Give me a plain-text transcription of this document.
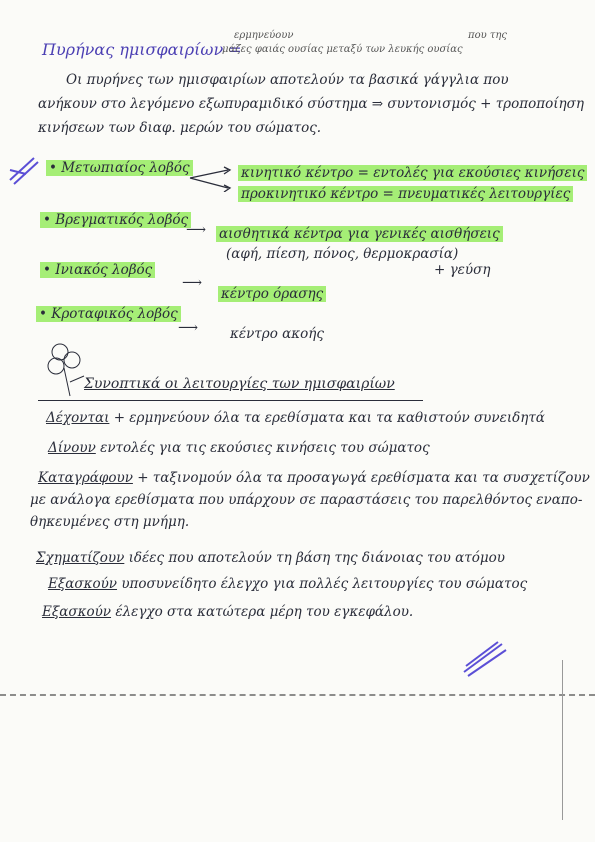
Πυρήνας ημισφαιρίων =
ερμηνεύουν
μάζες φαιάς ουσίας μεταξύ των λευκής ουσίας
που της
Οι πυρήνες των ημισφαιρίων αποτελούν τα βασικά γάγγλια που
ανήκουν στο λεγόμενο εξωπυραμιδικό σύστημα ⇒ συντονισμός + τροποποίηση
κινήσεων των διαφ. μερών του σώματος.
• Μετωπιαίος λοβός	κινητικό κέντρο = εντολές για εκούσιες κινήσεις
προκινητικό κέντρο = πνευματικές λειτουργίες
• Βρεγματικός λοβός
⟶ αισθητικά κέντρα για γενικές αισθήσεις
(αφή, πίεση, πόνος, θερμοκρασία)
+ γεύση
• Ινιακός λοβός
⟶
κέντρο όρασης
• Κροταφικός λοβός
⟶ κέντρο ακοής
Συνοπτικά οι λειτουργίες των ημισφαιρίων
Δέχονται + ερμηνεύουν όλα τα ερεθίσματα και τα καθιστούν συνειδητά
Δίνουν εντολές για τις εκούσιες κινήσεις του σώματος
Καταγράφουν + ταξινομούν όλα τα προσαγωγά ερεθίσματα και τα συσχετίζουν
με ανάλογα ερεθίσματα που υπάρχουν σε παραστάσεις του παρελθόντος εναπο-
θηκευμένες στη μνήμη.
Σχηματίζουν ιδέες που αποτελούν τη βάση της διάνοιας του ατόμου
Εξασκούν υποσυνείδητο έλεγχο για πολλές λειτουργίες του σώματος
Εξασκούν έλεγχο στα κατώτερα μέρη του εγκεφάλου.
